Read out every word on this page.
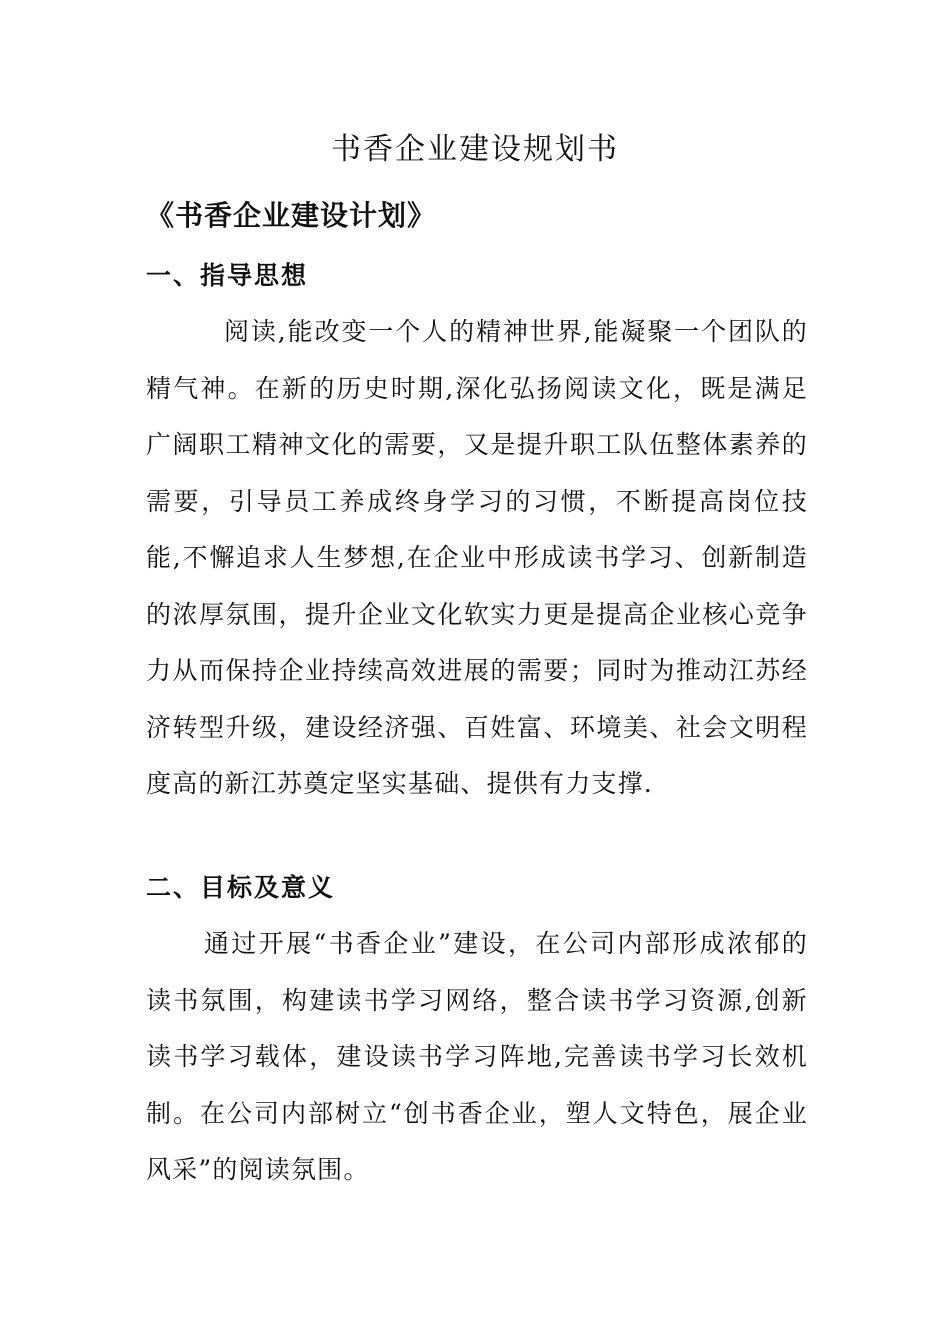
书香企业建设规划书
《书香企业建设计划》
一、指导思想
阅读,能改变一个人的精神世界,能凝聚一个团队的精气神。在新的历史时期,深化弘扬阅读文化，既是满足广阔职工精神文化的需要，又是提升职工队伍整体素养的需要，引导员工养成终身学习的习惯，不断提高岗位技能,不懈追求人生梦想,在企业中形成读书学习、创新制造的浓厚氛围，提升企业文化软实力更是提高企业核心竞争力从而保持企业持续高效进展的需要；同时为推动江苏经济转型升级，建设经济强、百姓富、环境美、社会文明程度高的新江苏奠定坚实基础、提供有力支撑.
二、目标及意义
通过开展“书香企业”建设，在公司内部形成浓郁的读书氛围，构建读书学习网络，整合读书学习资源,创新读书学习载体，建设读书学习阵地,完善读书学习长效机制。在公司内部树立“创书香企业，塑人文特色，展企业风采”的阅读氛围。
